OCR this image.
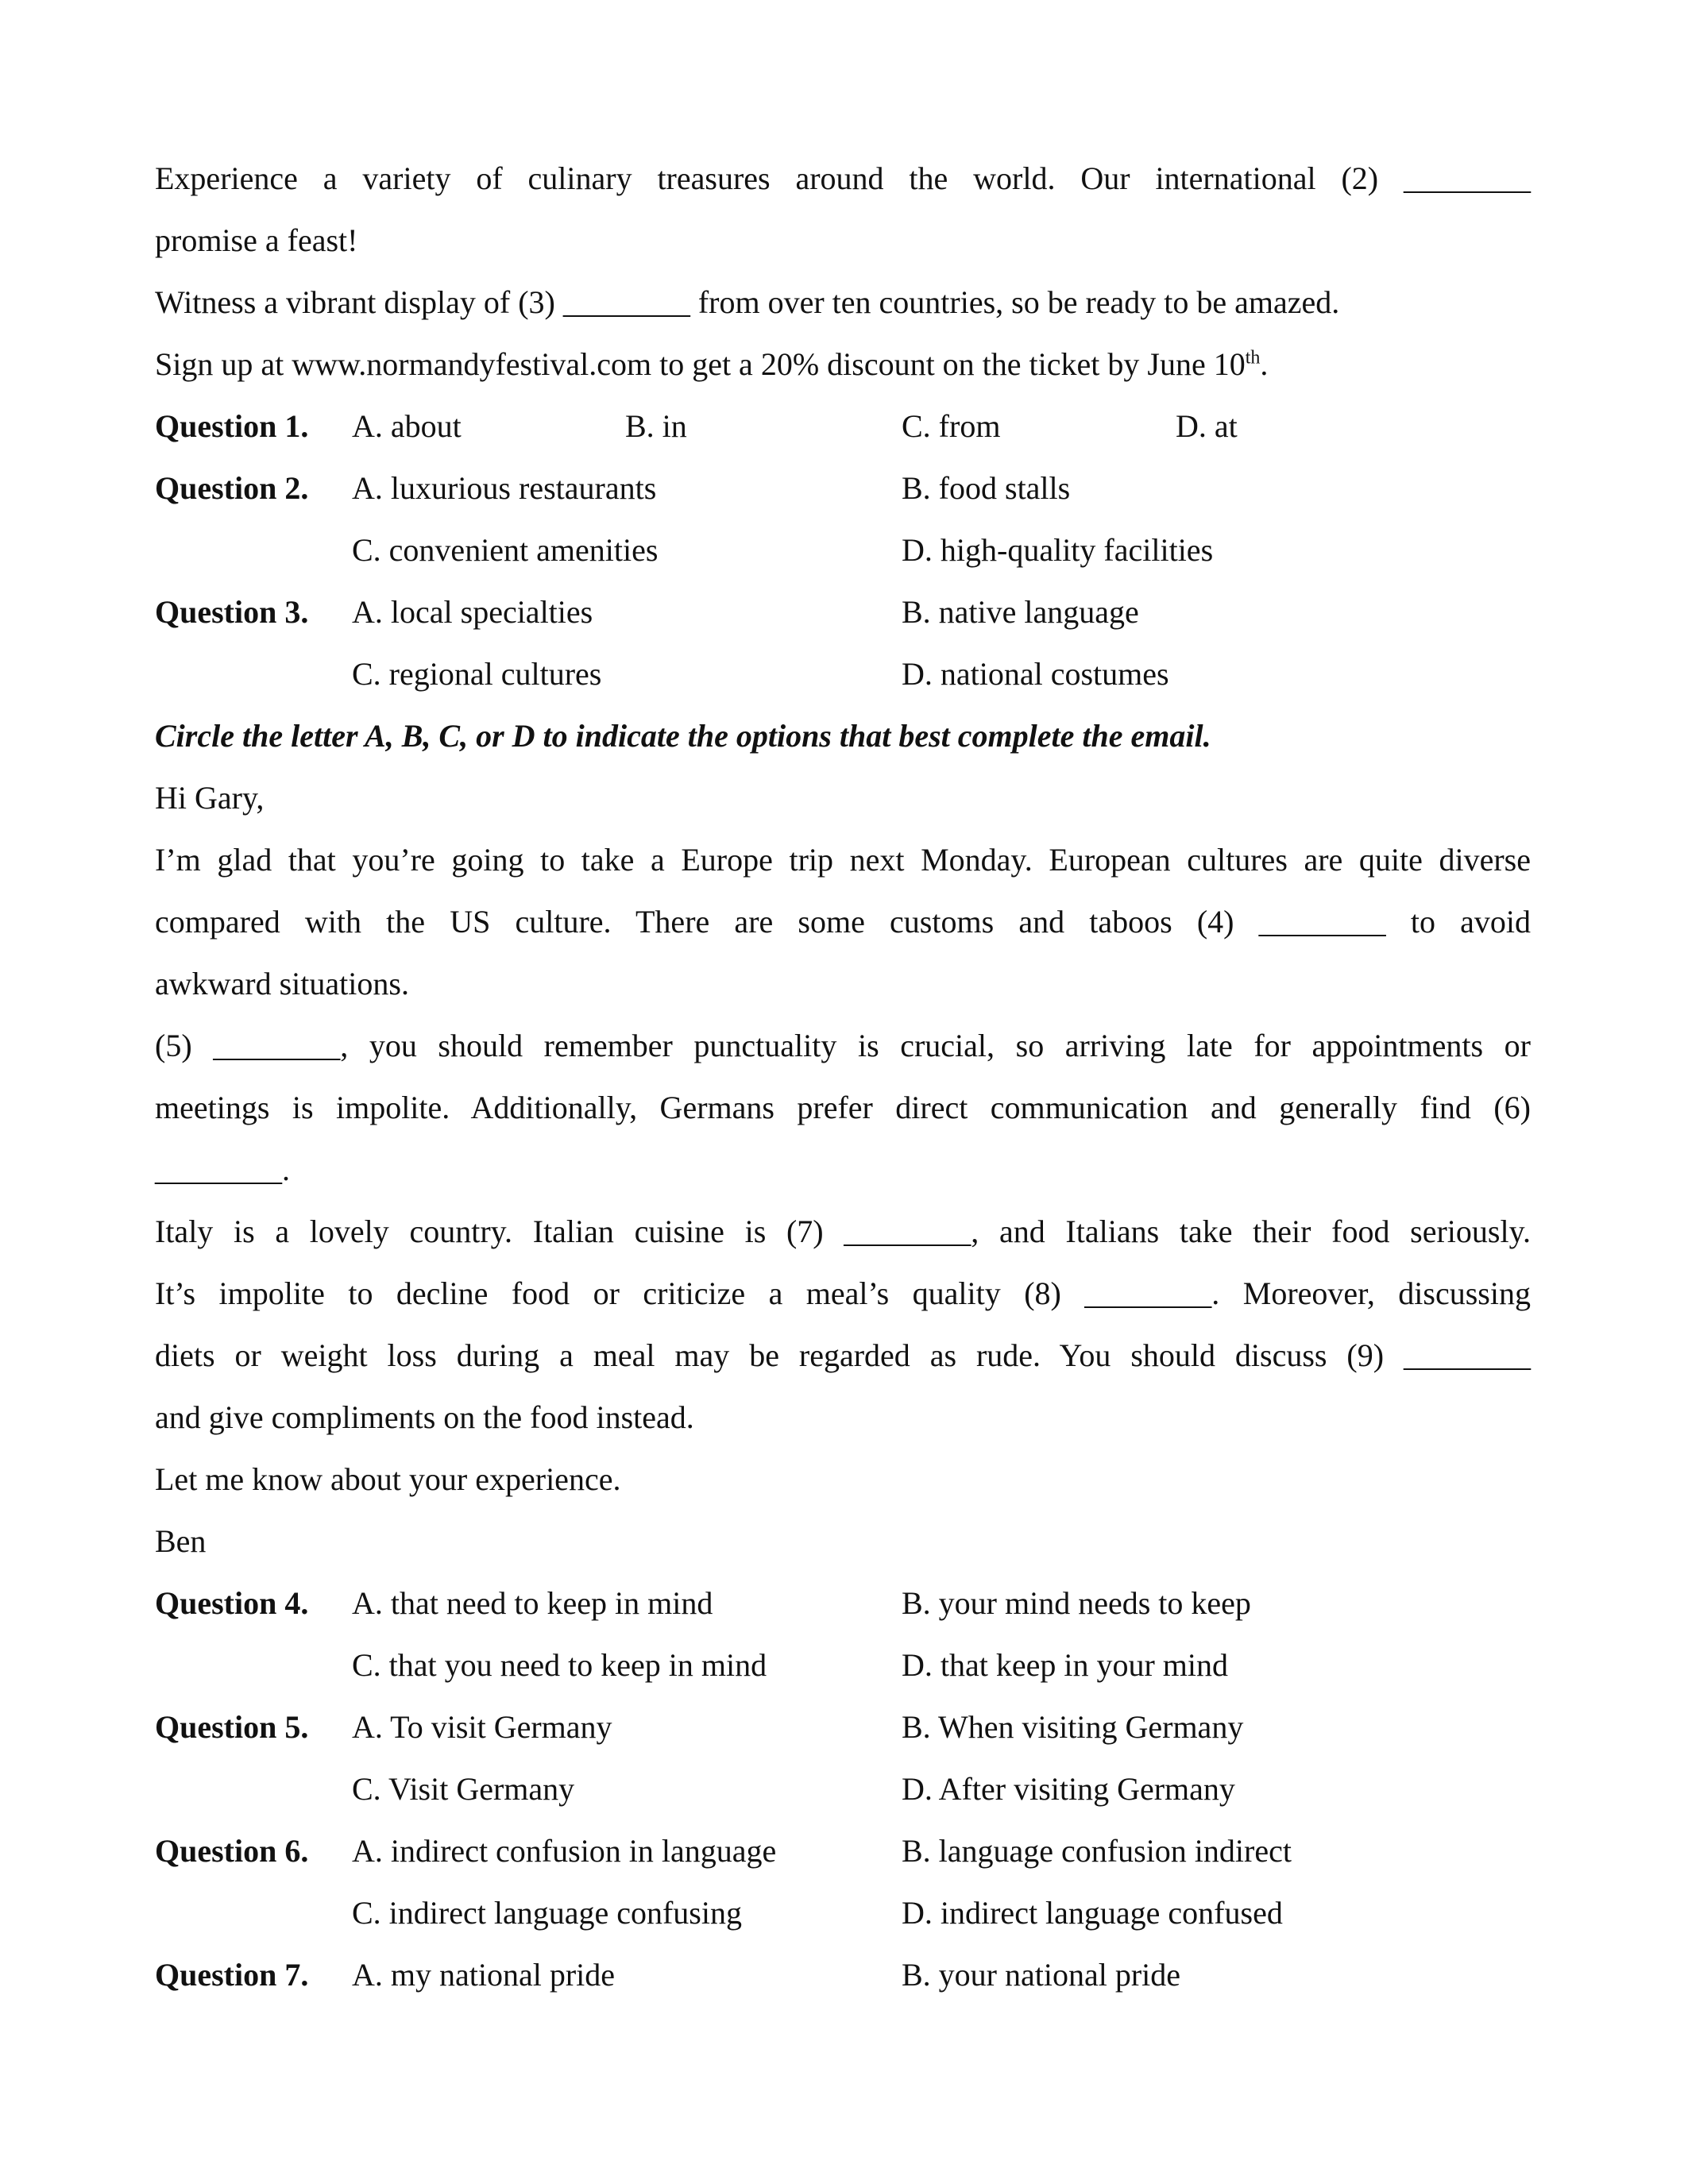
Experience a variety of culinary treasures around the world. Our international (2) ________
promise a feast!
Witness a vibrant display of (3) ________ from over ten countries, so be ready to be amazed.
Sign up at www.normandyfestival.com to get a 20% discount on the ticket by June 10th.
Question 1. A. about	B. in	C. from	D. at
Question 2. A. luxurious restaurants	B. food stalls
C. convenient amenities	D. high-quality facilities
Question 3. A. local specialties	B. native language
C. regional cultures	D. national costumes
Circle the letter A, B, C, or D to indicate the options that best complete the email.
Hi Gary,
I’m glad that you’re going to take a Europe trip next Monday. European cultures are quite diverse
compared with the US culture. There are some customs and taboos (4) ________ to avoid
awkward situations.
(5) ________, you should remember punctuality is crucial, so arriving late for appointments or
meetings is impolite. Additionally, Germans prefer direct communication and generally find (6)
________.
Italy is a lovely country. Italian cuisine is (7) ________, and Italians take their food seriously.
It’s impolite to decline food or criticize a meal’s quality (8) ________. Moreover, discussing
diets or weight loss during a meal may be regarded as rude. You should discuss (9) ________
and give compliments on the food instead.
Let me know about your experience.
Ben
Question 4. A. that need to keep in mind	B. your mind needs to keep
C. that you need to keep in mind	D. that keep in your mind
Question 5. A. To visit Germany	B. When visiting Germany
C. Visit Germany	D. After visiting Germany
Question 6. A. indirect confusion in language	B. language confusion indirect
C. indirect language confusing	D. indirect language confused
Question 7. A. my national pride	B. your national pride
